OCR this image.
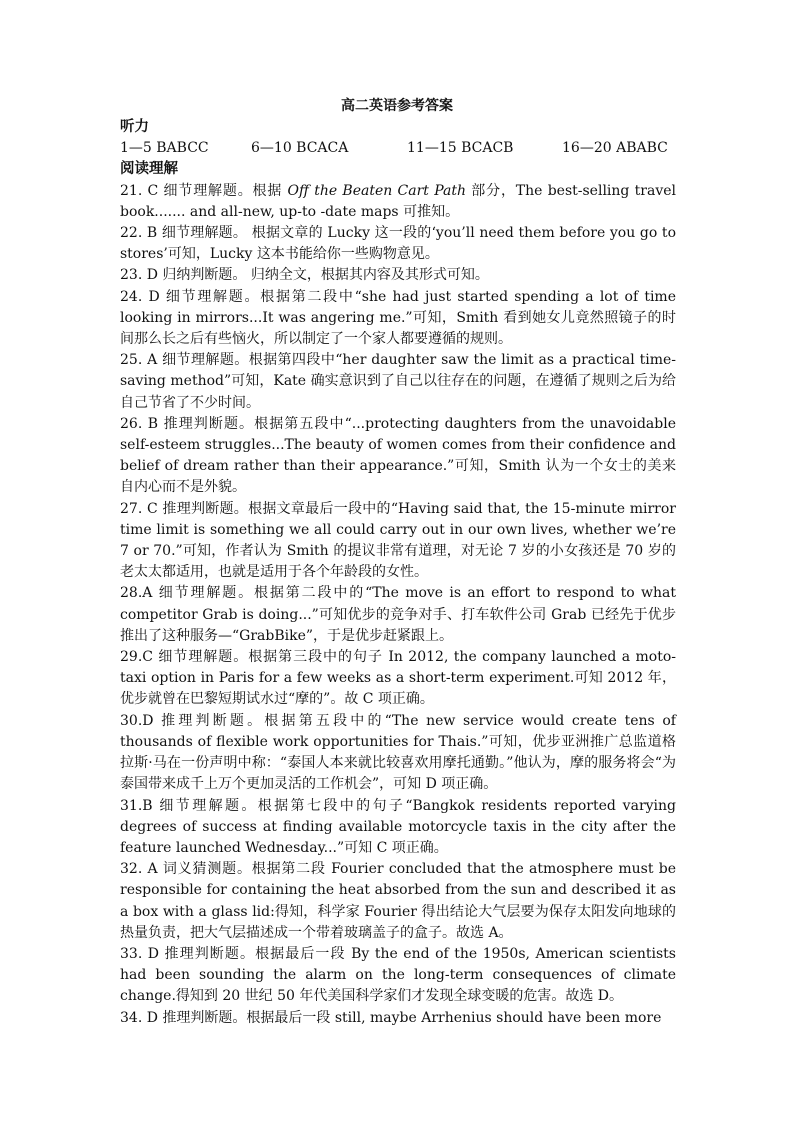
高二英语参考答案
听力
1—5 BABCC	6—10 BCACA	11—15 BCACB	16—20 ABABC
阅读理解

21. C 细节理解题。根据 Off the Beaten Cart Path 部分，The best-selling travel book....... and all-new, up-to -date maps 可推知。

22. B 细节理解题。 根据文章的 Lucky 这一段的‘you’ll need them before you go to stores’可知，Lucky 这本书能给你一些购物意见。

23. D 归纳判断题。 归纳全文，根据其内容及其形式可知。

24. D 细节理解题。根据第二段中“she had just started spending a lot of time looking in mirrors...It was angering me.”可知，Smith 看到她女儿竟然照镜子的时间那么长之后有些恼火，所以制定了一个家人都要遵循的规则。

25. A 细节理解题。根据第四段中“her daughter saw the limit as a practical time-saving method”可知，Kate 确实意识到了自己以往存在的问题，在遵循了规则之后为给自己节省了不少时间。

26. B 推理判断题。根据第五段中“...protecting daughters from the unavoidable self-esteem struggles...The beauty of women comes from their confidence and belief of dream rather than their appearance.”可知，Smith 认为一个女士的美来自内心而不是外貌。

27. C 推理判断题。根据文章最后一段中的“Having said that, the 15-minute mirror time limit is something we all could carry out in our own lives, whether we’re 7 or 70.”可知，作者认为 Smith 的提议非常有道理，对无论 7 岁的小女孩还是 70 岁的老太太都适用，也就是适用于各个年龄段的女性。

28.A 细节理解题。根据第二段中的“The move is an effort to respond to what competitor Grab is doing...”可知优步的竞争对手、打车软件公司 Grab 已经先于优步推出了这种服务—“GrabBike”，于是优步赶紧跟上。

29.C 细节理解题。根据第三段中的句子 In 2012, the company launched a moto-taxi option in Paris for a few weeks as a short-term experiment.可知 2012 年，优步就曾在巴黎短期试水过“摩的”。故 C 项正确。

30.D 推理判断题。根据第五段中的“The new service would create tens of thousands of flexible work opportunities for Thais.”可知，优步亚洲推广总监道格拉斯·马在一份声明中称：“泰国人本来就比较喜欢用摩托通勤。”他认为，摩的服务将会“为泰国带来成千上万个更加灵活的工作机会”，可知 D 项正确。

31.B 细节理解题。根据第七段中的句子“Bangkok residents reported varying degrees of success at finding available motorcycle taxis in the city after the feature launched Wednesday...”可知 C 项正确。

32. A 词义猜测题。根据第二段 Fourier concluded that the atmosphere must be responsible for containing the heat absorbed from the sun and described it as a box with a glass lid:得知，科学家 Fourier 得出结论大气层要为保存太阳发向地球的热量负责，把大气层描述成一个带着玻璃盖子的盒子。故选 A。

33. D 推理判断题。根据最后一段 By the end of the 1950s, American scientists had been sounding the alarm on the long-term consequences of climate change.得知到 20 世纪 50 年代美国科学家们才发现全球变暖的危害。故选 D。

34. D 推理判断题。根据最后一段 still, maybe Arrhenius should have been more
